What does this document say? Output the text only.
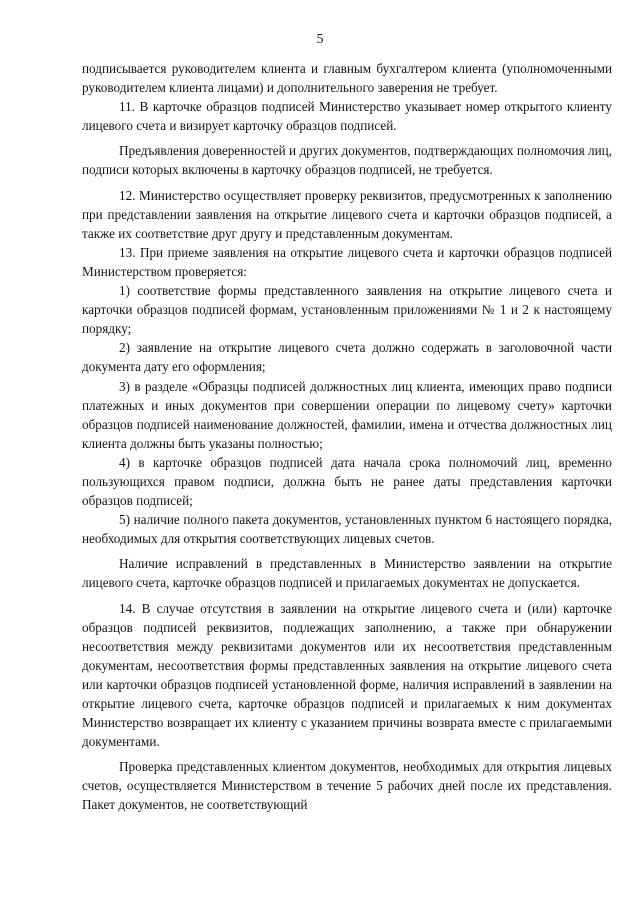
5

подписывается руководителем клиента и главным бухгалтером клиента (уполномоченными руководителем клиента лицами) и дополнительного заверения не требует.

11. В карточке образцов подписей Министерство указывает номер открытого клиенту лицевого счета и визирует карточку образцов подписей.

Предъявления доверенностей и других документов, подтверждающих полномочия лиц, подписи которых включены в карточку образцов подписей, не требуется.

12. Министерство осуществляет проверку реквизитов, предусмотренных к заполнению при представлении заявления на открытие лицевого счета и карточки образцов подписей, а также их соответствие друг другу и представленным документам.

13. При приеме заявления на открытие лицевого счета и карточки образцов подписей Министерством проверяется:

1) соответствие формы представленного заявления на открытие лицевого счета и карточки образцов подписей формам, установленным приложениями № 1 и 2 к настоящему порядку;

2) заявление на открытие лицевого счета должно содержать в заголовочной части документа дату его оформления;

3) в разделе «Образцы подписей должностных лиц клиента, имеющих право подписи платежных и иных документов при совершении операции по лицевому счету» карточки образцов подписей наименование должностей, фамилии, имена и отчества должностных лиц клиента должны быть указаны полностью;

4) в карточке образцов подписей дата начала срока полномочий лиц, временно пользующихся правом подписи, должна быть не ранее даты представления карточки образцов подписей;

5) наличие полного пакета документов, установленных пунктом 6 настоящего порядка, необходимых для открытия соответствующих лицевых счетов.

Наличие исправлений в представленных в Министерство заявлении на открытие лицевого счета, карточке образцов подписей и прилагаемых документах не допускается.

14. В случае отсутствия в заявлении на открытие лицевого счета и (или) карточке образцов подписей реквизитов, подлежащих заполнению, а также при обнаружении несоответствия между реквизитами документов или их несоответствия представленным документам, несоответствия формы представленных заявления на открытие лицевого счета или карточки образцов подписей установленной форме, наличия исправлений в заявлении на открытие лицевого счета, карточке образцов подписей и прилагаемых к ним документах Министерство возвращает их клиенту с указанием причины возврата вместе с прилагаемыми документами.

Проверка представленных клиентом документов, необходимых для открытия лицевых счетов, осуществляется Министерством в течение 5 рабочих дней после их представления. Пакет документов, не соответствующий
